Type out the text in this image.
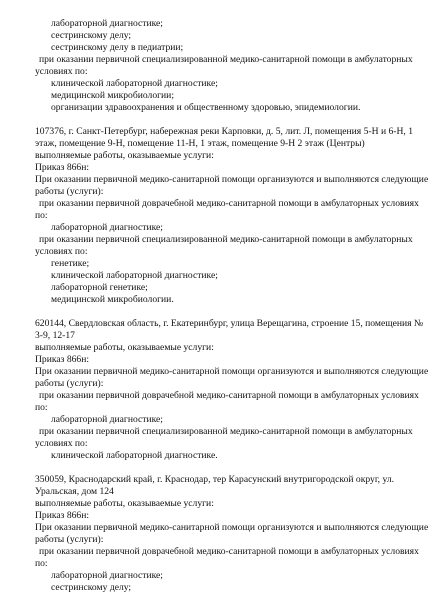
лабораторной диагностике;
сестринскому делу;
сестринскому делу в педиатрии;
при оказании первичной специализированной медико-санитарной помощи в амбулаторных
условиях по:
клинической лабораторной диагностике;
медицинской микробиологии;
организации здравоохранения и общественному здоровью, эпидемиологии.
107376, г. Санкт-Петербург, набережная реки Карповки, д. 5, лит. Л, помещения 5-Н и 6-Н, 1
этаж, помещение 9-Н, помещение 11-Н, 1 этаж, помещение 9-Н 2 этаж (Центры)
выполняемые работы, оказываемые услуги:
Приказ 866н:
При оказании первичной медико-санитарной помощи организуются и выполняются следующие
работы (услуги):
при оказании первичной доврачебной медико-санитарной помощи в амбулаторных условиях
по:
лабораторной диагностике;
при оказании первичной специализированной медико-санитарной помощи в амбулаторных
условиях по:
генетике;
клинической лабораторной диагностике;
лабораторной генетике;
медицинской микробиологии.
620144, Свердловская область, г. Екатеринбург, улица Верещагина, строение 15, помещения №
3-9, 12-17
выполняемые работы, оказываемые услуги:
Приказ 866н:
При оказании первичной медико-санитарной помощи организуются и выполняются следующие
работы (услуги):
при оказании первичной доврачебной медико-санитарной помощи в амбулаторных условиях
по:
лабораторной диагностике;
при оказании первичной специализированной медико-санитарной помощи в амбулаторных
условиях по:
клинической лабораторной диагностике.
350059, Краснодарский край, г. Краснодар, тер Карасунский внутригородской округ, ул.
Уральская, дом 124
выполняемые работы, оказываемые услуги:
Приказ 866н:
При оказании первичной медико-санитарной помощи организуются и выполняются следующие
работы (услуги):
при оказании первичной доврачебной медико-санитарной помощи в амбулаторных условиях
по:
лабораторной диагностике;
сестринскому делу;
